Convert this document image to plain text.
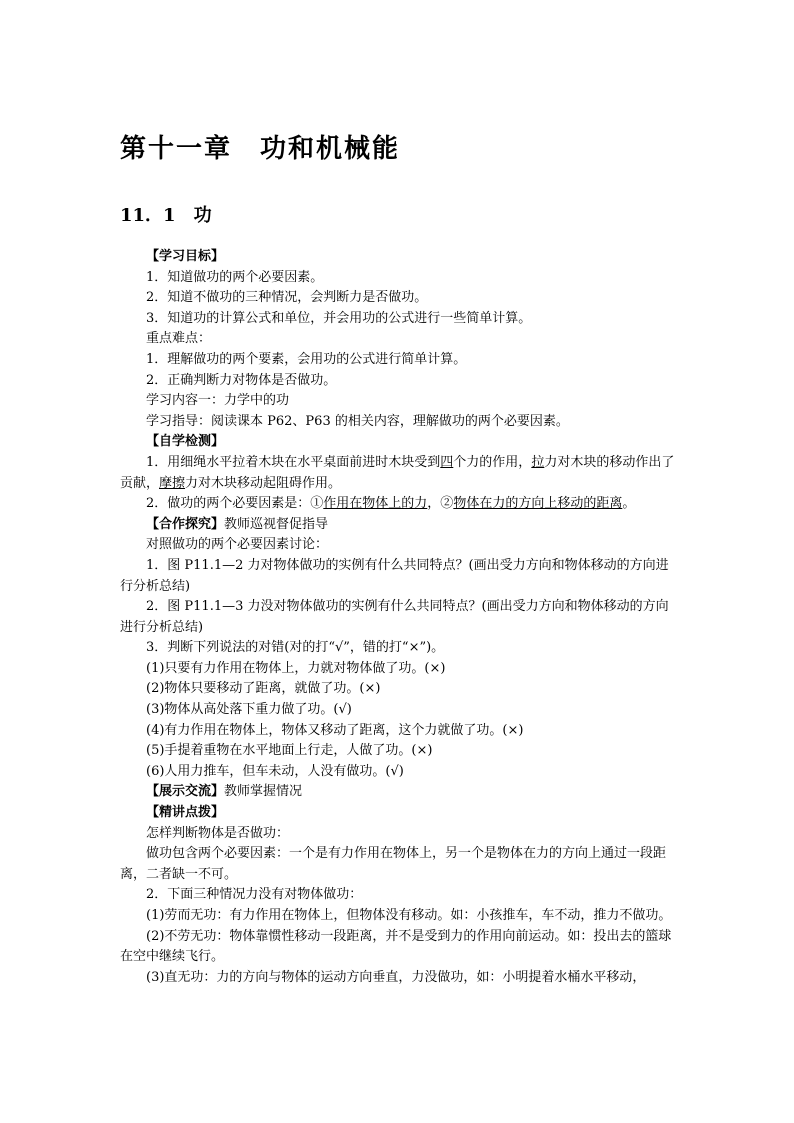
第十一章　功和机械能
11．1　功

【学习目标】

1．知道做功的两个必要因素。

2．知道不做功的三种情况，会判断力是否做功。

3．知道功的计算公式和单位，并会用功的公式进行一些简单计算。

重点难点：

1．理解做功的两个要素，会用功的公式进行简单计算。

2．正确判断力对物体是否做功。

学习内容一：力学中的功

学习指导：阅读课本 P62、P63 的相关内容，理解做功的两个必要因素。

【自学检测】

1．用细绳水平拉着木块在水平桌面前进时木块受到四个力的作用，拉力对木块的移动作出了贡献，摩擦力对木块移动起阻碍作用。

2．做功的两个必要因素是：①作用在物体上的力，②物体在力的方向上移动的距离。

【合作探究】教师巡视督促指导

对照做功的两个必要因素讨论：

1．图 P11.1—2 力对物体做功的实例有什么共同特点？(画出受力方向和物体移动的方向进行分析总结)

2．图 P11.1—3 力没对物体做功的实例有什么共同特点？(画出受力方向和物体移动的方向进行分析总结)

3．判断下列说法的对错(对的打“√”，错的打“×”)。

(1)只要有力作用在物体上，力就对物体做了功。(×)

(2)物体只要移动了距离，就做了功。(×)

(3)物体从高处落下重力做了功。(√)

(4)有力作用在物体上，物体又移动了距离，这个力就做了功。(×)

(5)手提着重物在水平地面上行走，人做了功。(×)

(6)人用力推车，但车未动，人没有做功。(√)

【展示交流】教师掌握情况

【精讲点拨】

怎样判断物体是否做功：

做功包含两个必要因素：一个是有力作用在物体上，另一个是物体在力的方向上通过一段距离，二者缺一不可。

2．下面三种情况力没有对物体做功：

(1)劳而无功：有力作用在物体上，但物体没有移动。如：小孩推车，车不动，推力不做功。

(2)不劳无功：物体靠惯性移动一段距离，并不是受到力的作用向前运动。如：投出去的篮球在空中继续飞行。

(3)直无功：力的方向与物体的运动方向垂直，力没做功，如：小明提着水桶水平移动，
